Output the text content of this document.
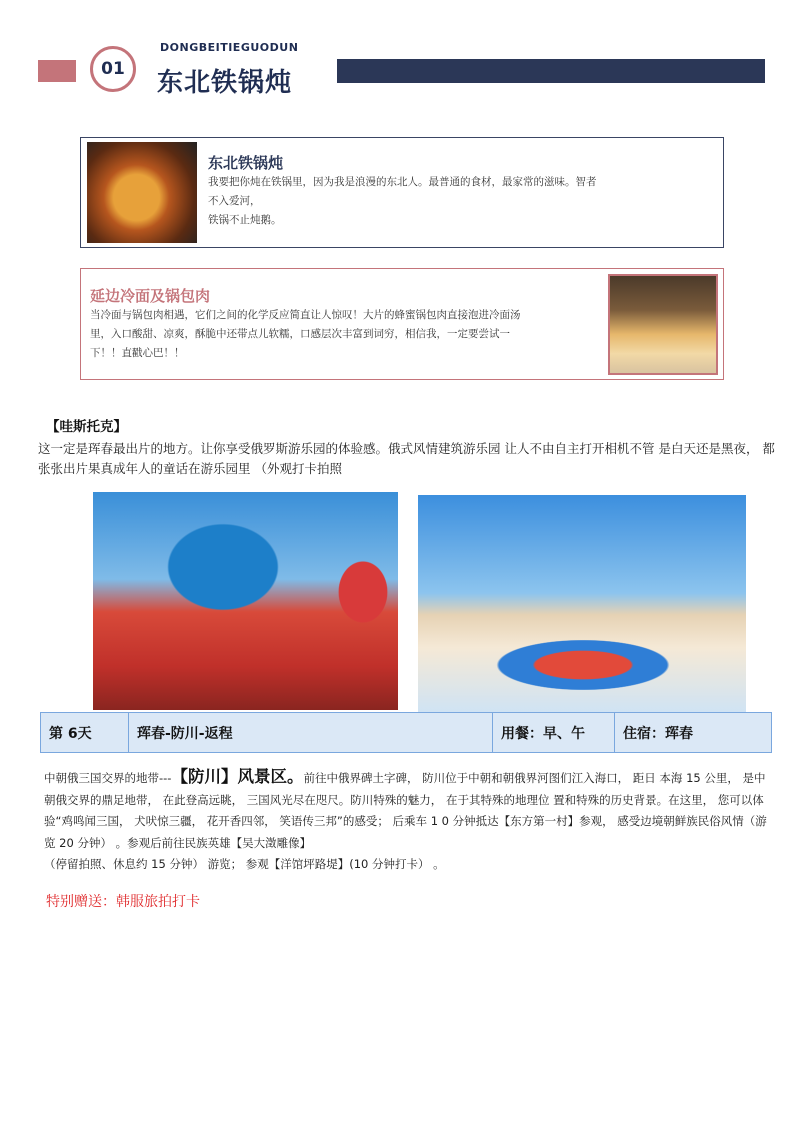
01
DONGBEITIEGUODUN
东北铁锅炖
东北铁锅炖
我要把你炖在铁锅里，因为我是浪漫的东北人。最普通的食材，最家常的滋味。智者
不入爱河，
铁锅不止炖鹅。
延边冷面及锅包肉
当冷面与锅包肉相遇，它们之间的化学反应简直让人惊叹！大片的蜂蜜锅包肉直接泡进冷面汤
里，入口酸甜、凉爽，酥脆中还带点儿软糯，口感层次丰富到词穷，相信我，一定要尝试一
下！！直戳心巴！！
【哇斯托克】
这一定是珲春最出片的地方。让你享受俄罗斯游乐园的体验感。俄式风情建筑游乐园 让人不由自主打开相机不管 是白天还是黑夜， 都张张出片果真成年人的童话在游乐园里 （外观打卡拍照
第 6天	珲春-防川-返程	用餐：早、午	住宿：珲春
中朝俄三国交界的地带---【防川】风景区。前往中俄界碑土字碑， 防川位于中朝和朝俄界河图们江入海口， 距日 本海 15 公里， 是中朝俄交界的鼎足地带， 在此登高远眺， 三国风光尽在咫尺。防川特殊的魅力， 在于其特殊的地理位 置和特殊的历史背景。在这里， 您可以体验“鸡鸣闻三国， 犬吠惊三疆， 花开香四邻， 笑语传三邦”的感受； 后乘车 1 0 分钟抵达【东方第一村】参观， 感受边境朝鲜族民俗风情（游览 20 分钟） 。参观后前往民族英雄【吴大澂雕像】
（停留拍照、休息约 15 分钟） 游览； 参观【洋馆坪路堤】(10 分钟打卡） 。
特别赠送：韩服旅拍打卡
